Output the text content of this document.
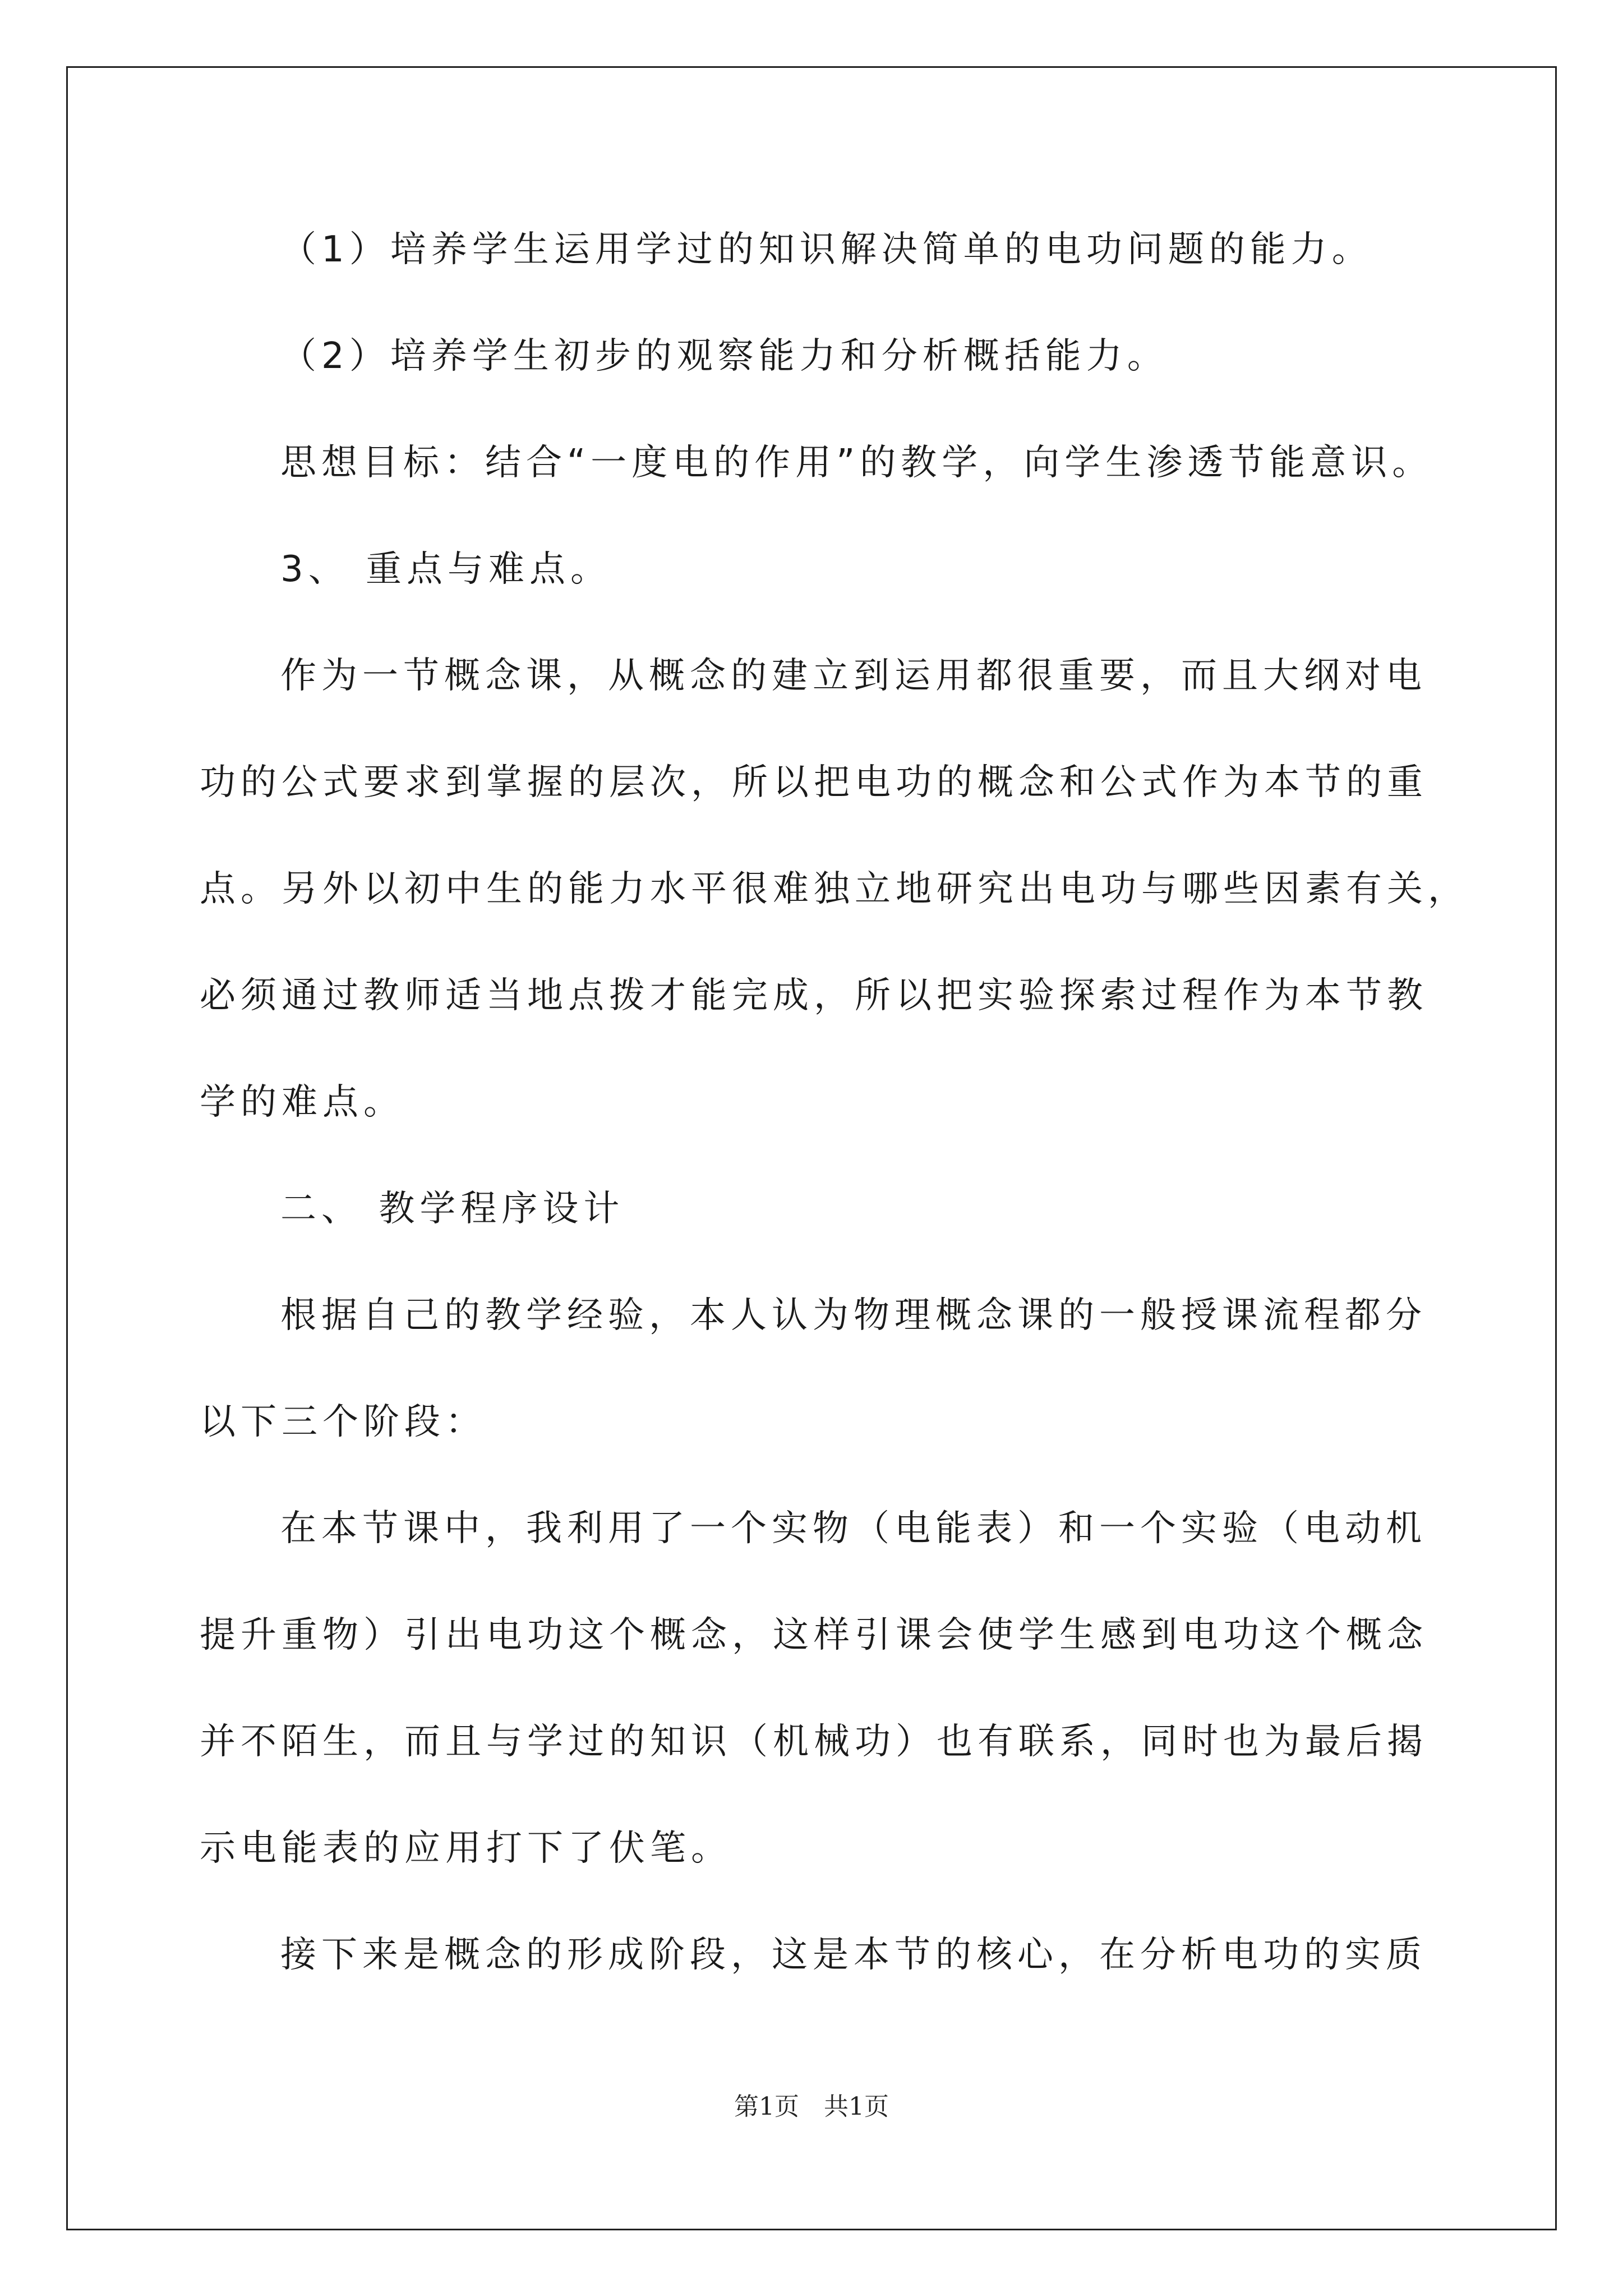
（1）培养学生运用学过的知识解决简单的电功问题的能力。
（2）培养学生初步的观察能力和分析概括能力。
思想目标：结合“一度电的作用”的教学，向学生渗透节能意识。
3、 重点与难点。
作为一节概念课，从概念的建立到运用都很重要，而且大纲对电
功的公式要求到掌握的层次，所以把电功的概念和公式作为本节的重
点。另外以初中生的能力水平很难独立地研究出电功与哪些因素有关，
必须通过教师适当地点拨才能完成，所以把实验探索过程作为本节教
学的难点。
二、 教学程序设计
根据自己的教学经验，本人认为物理概念课的一般授课流程都分
以下三个阶段：
在本节课中，我利用了一个实物（电能表）和一个实验（电动机
提升重物）引出电功这个概念，这样引课会使学生感到电功这个概念
并不陌生，而且与学过的知识（机械功）也有联系，同时也为最后揭
示电能表的应用打下了伏笔。
接下来是概念的形成阶段，这是本节的核心，在分析电功的实质
第1页　共1页
